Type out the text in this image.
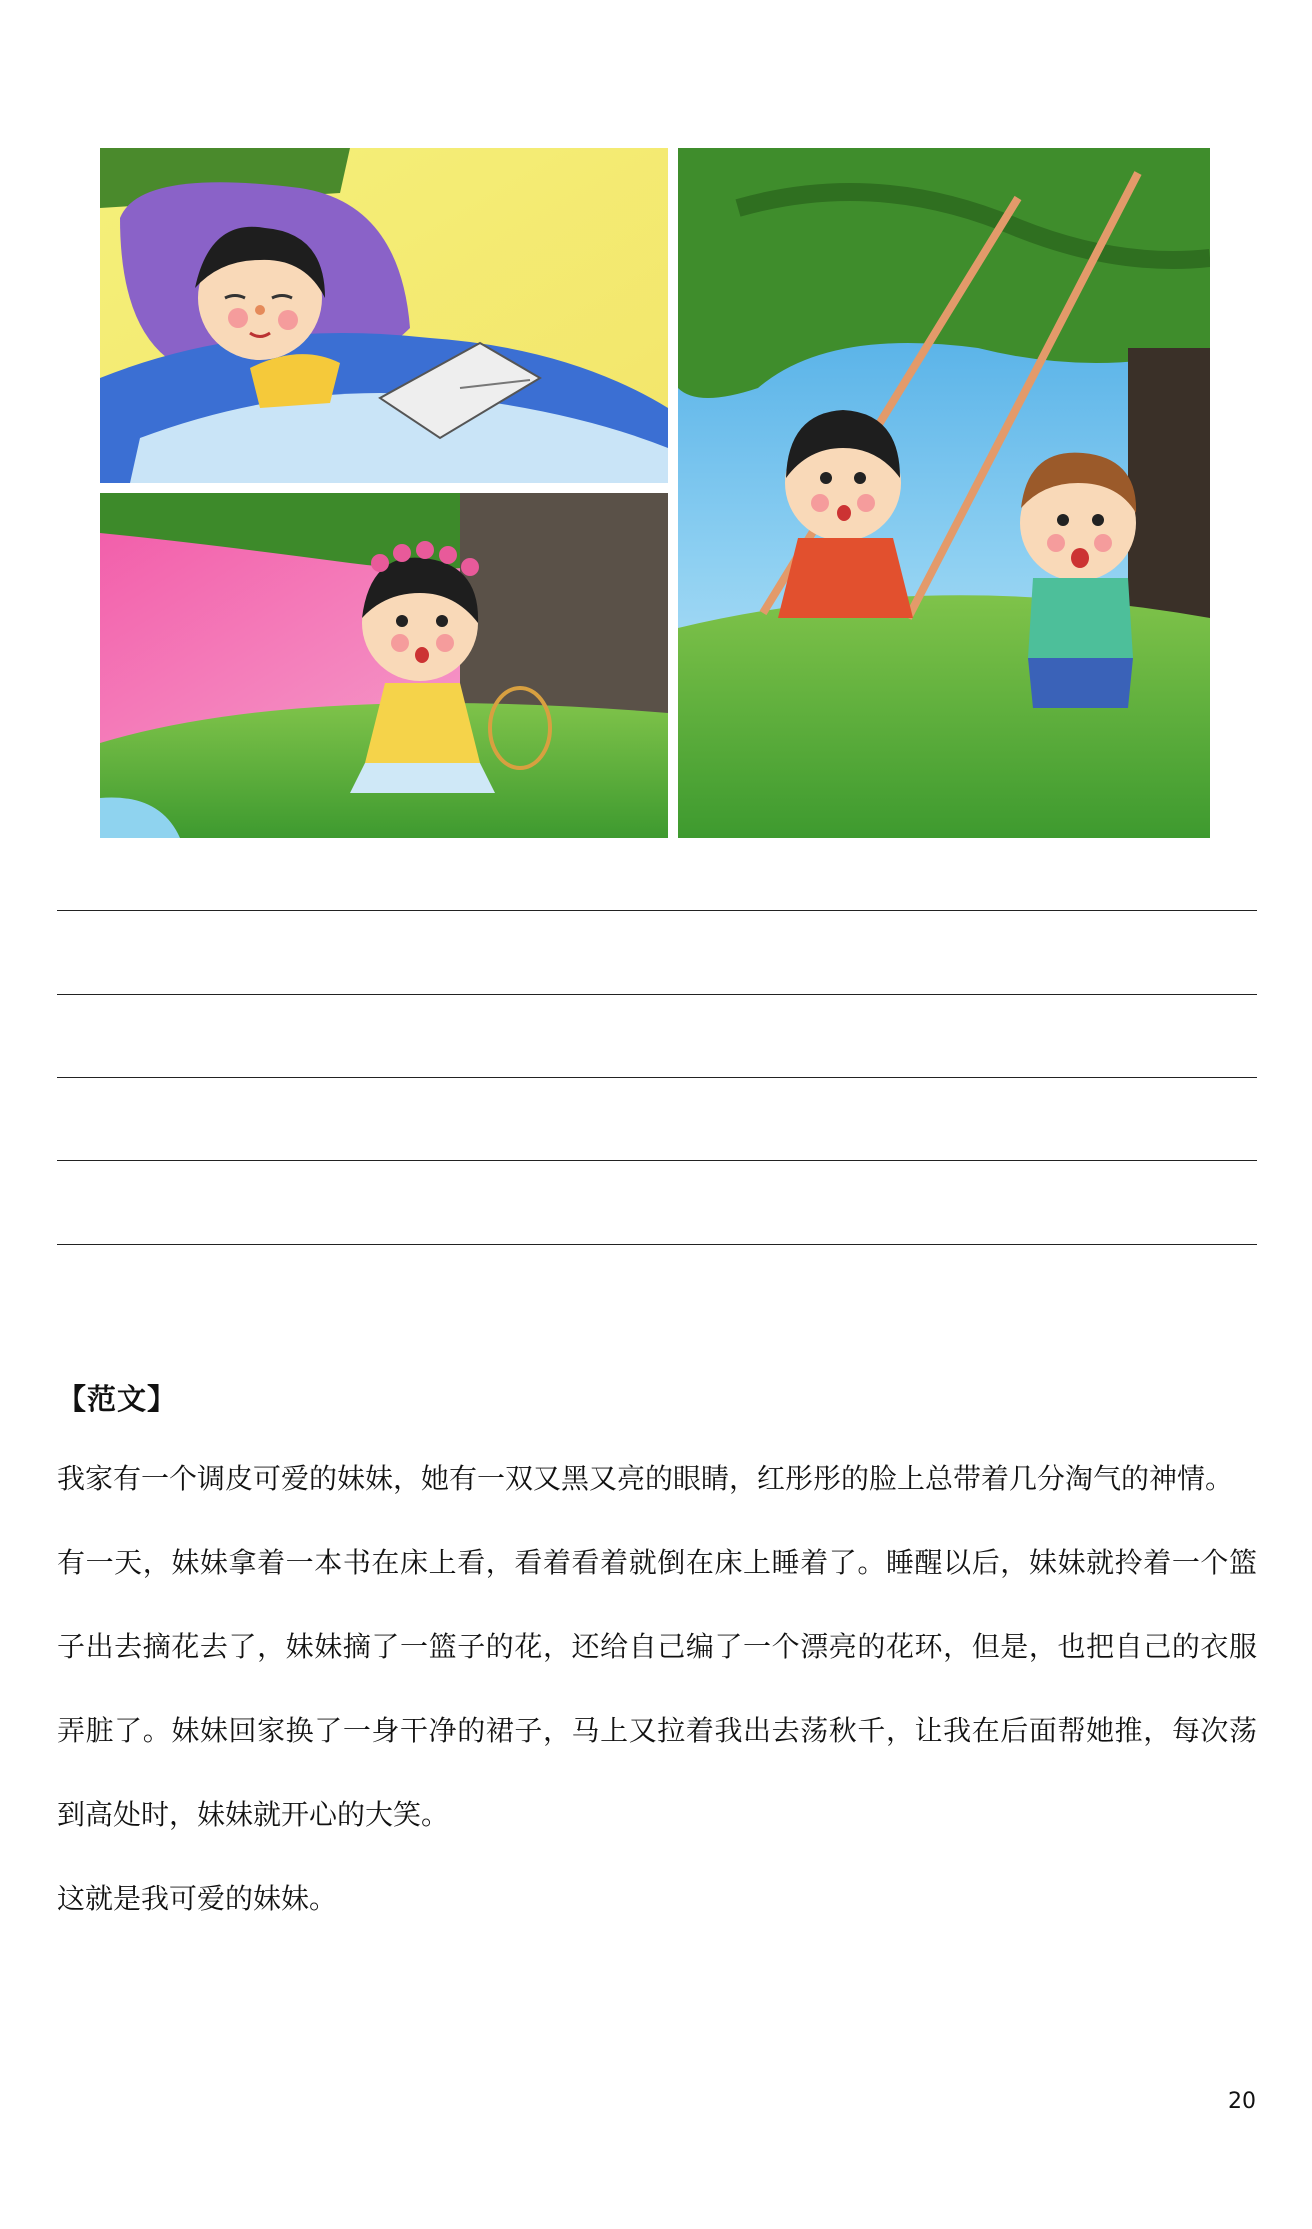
【范文】

我家有一个调皮可爱的妹妹，她有一双又黑又亮的眼睛，红彤彤的脸上总带着几分淘气的神情。

有一天，妹妹拿着一本书在床上看，看着看着就倒在床上睡着了。睡醒以后，妹妹就拎着一个篮子出去摘花去了，妹妹摘了一篮子的花，还给自己编了一个漂亮的花环，但是，也把自己的衣服弄脏了。妹妹回家换了一身干净的裙子，马上又拉着我出去荡秋千，让我在后面帮她推，每次荡到高处时，妹妹就开心的大笑。

这就是我可爱的妹妹。

20
